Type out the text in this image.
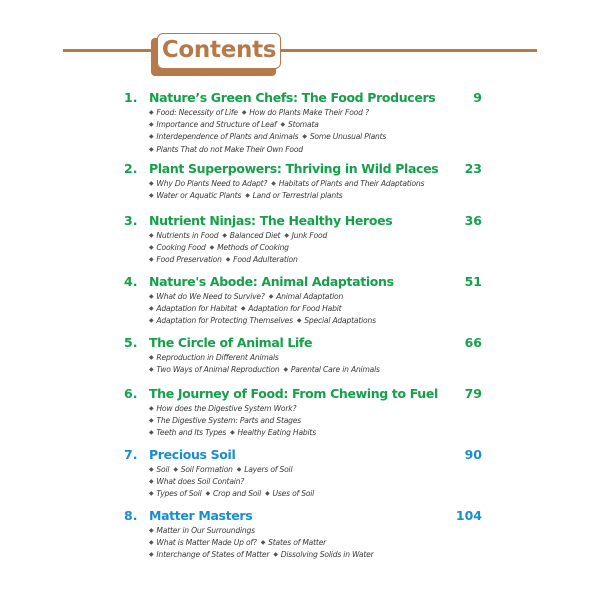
Contents
1. Nature’s Green Chefs: The Food Producers	9
◆ Food: Necessity of Life ◆ How do Plants Make Their Food ?
◆ Importance and Structure of Leaf ◆ Stomata
◆ Interdependence of Plants and Animals ◆ Some Unusual Plants
◆ Plants That do not Make Their Own Food
2. Plant Superpowers: Thriving in Wild Places 23
◆ Why Do Plants Need to Adapt? ◆ Habitats of Plants and Their Adaptations
◆ Water or Aquatic Plants ◆ Land or Terrestrial plants
3. Nutrient Ninjas: The Healthy Heroes	36
◆ Nutrients in Food ◆ Balanced Diet ◆ Junk Food
◆ Cooking Food ◆ Methods of Cooking
◆ Food Preservation ◆ Food Adulteration
4. Nature's Abode: Animal Adaptations	51
◆ What do We Need to Survive? ◆ Animal Adaptation
◆ Adaptation for Habitat ◆ Adaptation for Food Habit
◆ Adaptation for Protecting Themselves ◆ Special Adaptations
5. The Circle of Animal Life	66
◆ Reproduction in Different Animals
◆ Two Ways of Animal Reproduction ◆ Parental Care in Animals
6. The Journey of Food: From Chewing to Fuel 79
◆ How does the Digestive System Work?
◆ The Digestive System: Parts and Stages
◆ Teeth and Its Types ◆ Healthy Eating Habits
7. Precious Soil	90
◆ Soil ◆ Soil Formation ◆ Layers of Soil
◆ What does Soil Contain?
◆ Types of Soil ◆ Crop and Soil ◆ Uses of Soil
8. Matter Masters	104
◆ Matter in Our Surroundings
◆ What is Matter Made Up of? ◆ States of Matter
◆ Interchange of States of Matter ◆ Dissolving Solids in Water
